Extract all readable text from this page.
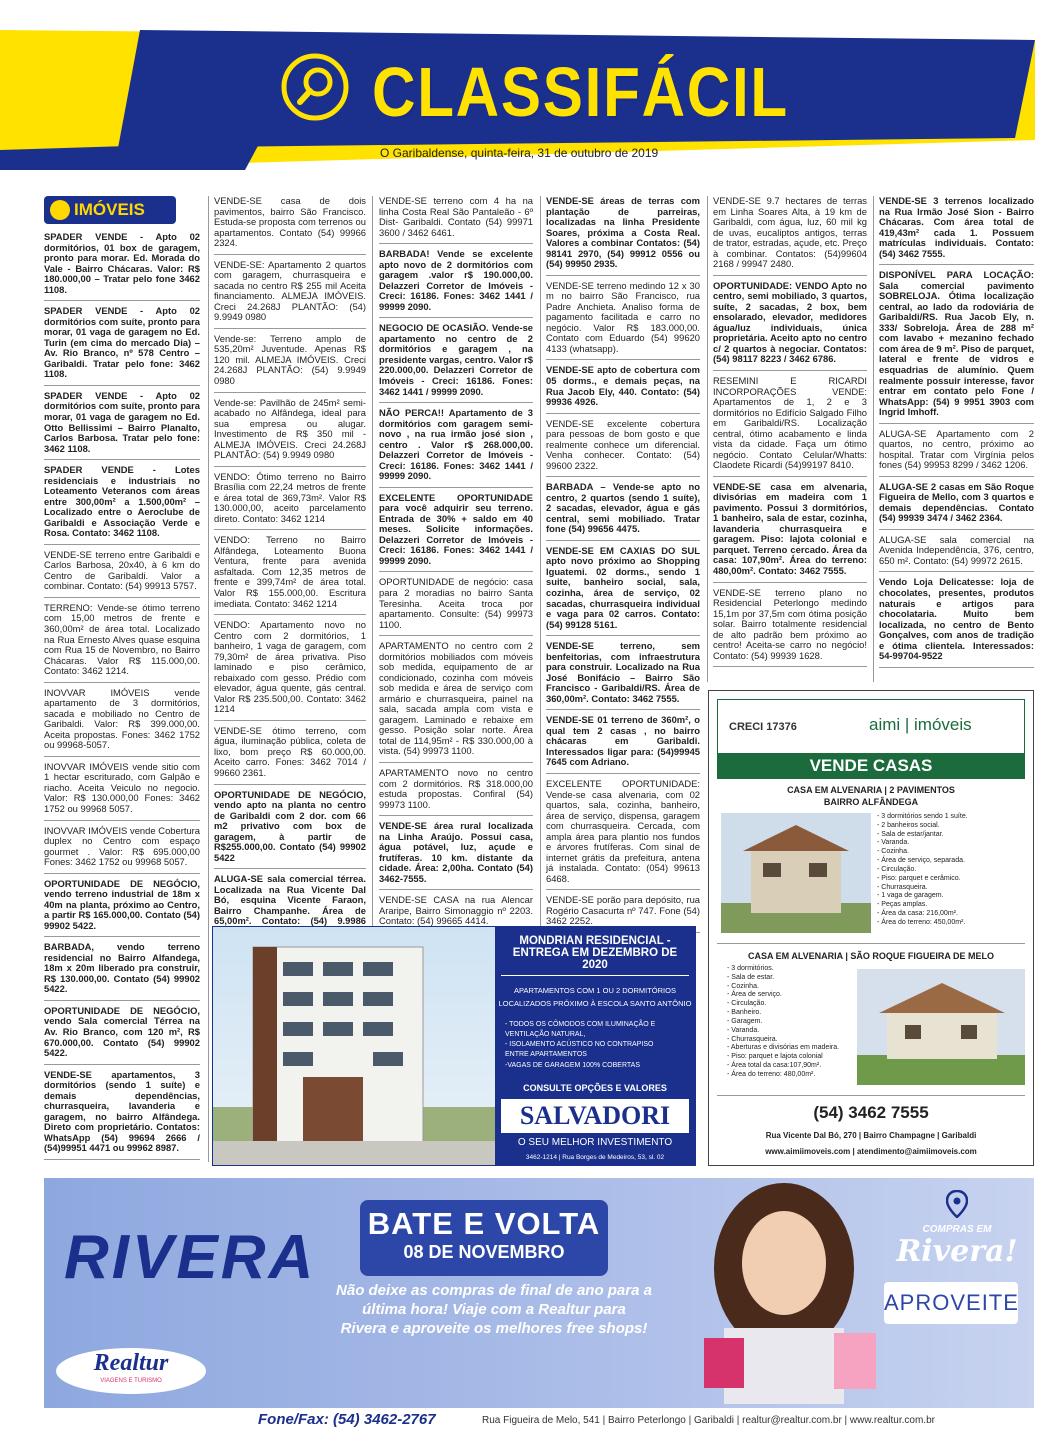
CLASSIFÁCIL
O Garibaldense, quinta-feira, 31 de outubro de 2019
IMÓVEIS
SPADER VENDE - Apto 02 dormitórios, 01 box de garagem, pronto para morar. Ed. Morada do Vale - Bairro Chácaras. Valor: R$ 180.000,00 – Tratar pelo fone 3462 1108.
SPADER VENDE - Apto 02 dormitórios com suíte, pronto para morar, 01 vaga de garagem no Ed. Turin (em cima do mercado Dia) – Av. Rio Branco, nº 578 Centro – Garibaldi. Tratar pelo fone: 3462 1108.
SPADER VENDE - Apto 02 dormitórios com suíte, pronto para morar, 01 vaga de garagem no Ed. Otto Bellissimi – Bairro Planalto, Carlos Barbosa. Tratar pelo fone: 3462 1108.
SPADER VENDE - Lotes residenciais e industriais no Loteamento Veteranos com áreas entre 300,00m² a 1.500,00m² – Localizado entre o Aeroclube de Garibaldi e Associação Verde e Rosa. Contato: 3462 1108.
VENDE-SE terreno entre Garibaldi e Carlos Barbosa, 20x40, à 6 km do Centro de Garibaldi. Valor a combinar. Contato: (54) 99913 5757.
TERRENO: Vende-se ótimo terreno com 15,00 metros de frente e 360,00m² de área total. Localizado na Rua Ernesto Alves quase esquina com Rua 15 de Novembro, no Bairro Chácaras. Valor R$ 115.000,00. Contato: 3462 1214.
INOVVAR IMÓVEIS vende apartamento de 3 dormitórios, sacada e mobiliado no Centro de Garibaldi. Valor: R$ 399.000,00. Aceita propostas. Fones: 3462 1752 ou 99968-5057.
INOVVAR IMÓVEIS vende sitio com 1 hectar escriturado, com Galpão e riacho. Aceita Veiculo no negocio. Valor: R$ 130.000,00 Fones: 3462 1752 ou 99968 5057.
INOVVAR IMÓVEIS vende Cobertura duplex no Centro com espaço gourmet . Valor: R$ 695.000,00 Fones: 3462 1752 ou 99968 5057.
OPORTUNIDADE DE NEGÓCIO, vendo terreno industrial de 18m x 40m na planta, próximo ao Centro, a partir R$ 165.000,00. Contato (54) 99902 5422.
BARBADA, vendo terreno residencial no Bairro Alfandega, 18m x 20m liberado pra construir, R$ 130.000,00. Contato (54) 99902 5422.
OPORTUNIDADE DE NEGÓCIO, vendo Sala comercial Térrea na Av. Rio Branco, com 120 m², R$ 670.000,00. Contato (54) 99902 5422.
VENDE-SE apartamentos, 3 dormitórios (sendo 1 suíte) e demais dependências, churrasqueira, lavanderia e garagem, no bairro Alfândega. Direto com proprietário. Contatos: WhatsApp (54) 99694 2666 / (54)99951 4471 ou 99962 8987.
VENDE-SE casa de dois pavimentos, bairro São Francisco. Estuda-se proposta com terrenos ou apartamentos. Contato (54) 99966 2324.
VENDE-SE: Apartamento 2 quartos com garagem, churrasqueira e sacada no centro R$ 255 mil Aceita financiamento. ALMEJA IMÓVEIS. Creci 24.268J PLANTÃO: (54) 9.9949 0980
Vende-se: Terreno amplo de 535,20m² Juventude. Apenas R$ 120 mil. ALMEJA IMÓVEIS. Creci 24.268J PLANTÃO: (54) 9.9949 0980
Vende-se: Pavilhão de 245m² semi-acabado no Alfândega, ideal para sua empresa ou alugar. Investimento de R$ 350 mil - ALMEJA IMÓVEIS. Creci 24.268J PLANTÃO: (54) 9.9949 0980
VENDO: Ótimo terreno no Bairro Brasília com 22,24 metros de frente e área total de 369,73m². Valor R$ 130.000,00, aceito parcelamento direto. Contato: 3462 1214
VENDO: Terreno no Bairro Alfândega, Loteamento Buona Ventura, frente para avenida asfaltada. Com 12,35 metros de frente e 399,74m² de área total. Valor R$ 155.000,00. Escritura imediata. Contato: 3462 1214
VENDO: Apartamento novo no Centro com 2 dormitórios, 1 banheiro, 1 vaga de garagem, com 79,30m² de área privativa. Piso laminado e piso cerâmico, rebaixado com gesso. Prédio com elevador, água quente, gás central. Valor R$ 235.500,00. Contato: 3462 1214
VENDE-SE ótimo terreno, com água, iluminação pública, coleta de lixo, bom preço R$ 60.000,00. Aceito carro. Fones: 3462 7014 / 99660 2361.
OPORTUNIDADE DE NEGÓCIO, vendo apto na planta no centro de Garibaldi com 2 dor. com 66 m2 privativo com box de garagem, à partir de R$255.000,00. Contato (54) 99902 5422
ALUGA-SE sala comercial térrea. Localizada na Rua Vicente Dal Bó, esquina Vicente Faraon, Bairro Champanhe. Área de 65,00m². Contato: (54) 9.9986
VENDE-SE terreno com 4 ha na linha Costa Real São Pantaleão - 6º Dist- Garibaldi. Contato (54) 99971 3600 / 3462 6461.
BARBADA! Vende se excelente apto novo de 2 dormitórios com garagem .valor r$ 190.000,00. Delazzeri Corretor de Imóveis - Creci: 16186. Fones: 3462 1441 / 99999 2090.
NEGOCIO DE OCASIÃO. Vende-se apartamento no centro de 2 dormitórios e garagem , na presidente vargas, centro. Valor r$ 220.000,00. Delazzeri Corretor de Imóveis - Creci: 16186. Fones: 3462 1441 / 99999 2090.
NÃO PERCA!! Apartamento de 3 dormitórios com garagem semi-novo , na rua irmão josé sion , centro . Valor r$ 268.000,00. Delazzeri Corretor de Imóveis - Creci: 16186. Fones: 3462 1441 / 99999 2090.
EXCELENTE OPORTUNIDADE para você adquirir seu terreno. Entrada de 30% + saldo em 40 meses. Solicite informações. Delazzeri Corretor de Imóveis - Creci: 16186. Fones: 3462 1441 / 99999 2090.
OPORTUNIDADE de negócio: casa para 2 moradias no bairro Santa Teresinha. Aceita troca por apartamento. Consulte: (54) 99973 1100.
APARTAMENTO no centro com 2 dormitórios mobiliados com móveis sob medida, equipamento de ar condicionado, cozinha com móveis sob medida e área de serviço com armário e churrasqueira, painel na sala, sacada ampla com vista e garagem. Laminado e rebaixe em gesso. Posição solar norte. Área total de 114,95m² - R$ 330.000,00 à vista. (54) 99973 1100.
APARTAMENTO novo no centro com 2 dormitórios. R$ 318.000,00 estuda propostas. Confiral (54) 99973 1100.
VENDE-SE área rural localizada na Linha Araújo. Possui casa, água potável, luz, açude e frutíferas. 10 km. distante da cidade. Área: 2,00ha. Contato (54) 3462-7555.
VENDE-SE CASA na rua Alencar Araripe, Bairro Simonaggio nº 2203. Contato: (54) 99665 4414.
VENDE-SE áreas de terras com plantação de parreiras, localizadas na linha Presidente Soares, próxima a Costa Real. Valores a combinar Contatos: (54) 98141 2970, (54) 99912 0556 ou (54) 99950 2935.
VENDE-SE terreno medindo 12 x 30 m no bairro São Francisco, rua Padre Anchieta. Analiso forma de pagamento facilitada e carro no negócio. Valor R$ 183.000,00. Contato com Eduardo (54) 99620 4133 (whatsapp).
VENDE-SE apto de cobertura com 05 dorms., e demais peças, na Rua Jacob Ely, 440. Contato: (54) 99936 4926.
VENDE-SE excelente cobertura para pessoas de bom gosto e que realmente conhece um diferencial. Venha conhecer. Contato: (54) 99600 2322.
BARBADA – Vende-se apto no centro, 2 quartos (sendo 1 suíte), 2 sacadas, elevador, água e gás central, semi mobiliado. Tratar fone (54) 99656 4475.
VENDE-SE EM CAXIAS DO SUL apto novo próximo ao Shopping Iguatemi. 02 dorms., sendo 1 suite, banheiro social, sala, cozinha, área de serviço, 02 sacadas, churrasqueira individual e vaga para 02 carros. Contato: (54) 99128 5161.
VENDE-SE terreno, sem benfeitorias, com infraestrutura para construir. Localizado na Rua José Bonifácio – Bairro São Francisco - Garibaldi/RS. Área de 360,00m². Contato: 3462 7555.
VENDE-SE 01 terreno de 360m², o qual tem 2 casas , no bairro chácaras em Garibaldi. Interessados ligar para: (54)99945 7645 com Adriano.
EXCELENTE OPORTUNIDADE: Vende-se casa alvenaria, com 02 quartos, sala, cozinha, banheiro, área de serviço, dispensa, garagem com churrasqueira. Cercada, com ampla área para plantio nos fundos e árvores frutíferas. Com sinal de internet grátis da prefeitura, antena já instalada. Contato: (054) 99613 6468.
VENDE-SE porão para depósito, rua Rogério Casacurta nº 747. Fone (54) 3462 2252.
VENDE-SE 9.7 hectares de terras em Linha Soares Alta, à 19 km de Garibaldi, com água, luz, 60 mil kg de uvas, eucaliptos antigos, terras de trator, estradas, açude, etc. Preço à combinar. Contatos: (54)99604 2168 / 99947 2480.
OPORTUNIDADE: VENDO Apto no centro, semi mobiliado, 3 quartos, suíte, 2 sacadas, 2 box, bem ensolarado, elevador, medidores água/luz individuais, única proprietária. Aceito apto no centro c/ 2 quartos à negociar. Contatos: (54) 98117 8223 / 3462 6786.
RESEMINI E RICARDI INCORPORAÇÕES VENDE: Apartamentos de 1, 2 e 3 dormitórios no Edifício Salgado Filho em Garibaldi/RS. Localização central, ótimo acabamento e linda vista da cidade. Faça um ótimo negócio. Contato Celular/Whatts: Claodete Ricardi (54)99197 8410.
VENDE-SE casa em alvenaria, divisórias em madeira com 1 pavimento. Possui 3 dormitórios, 1 banheiro, sala de estar, cozinha, lavanderia churrasqueira e garagem. Piso: lajota colonial e parquet. Terreno cercado. Área da casa: 107,90m². Área do terreno: 480,00m². Contato: 3462 7555.
VENDE-SE terreno plano no Residencial Peterlongo medindo 15,1m por 37,5m com ótima posição solar. Bairro totalmente residencial de alto padrão bem próximo ao centro! Aceita-se carro no negócio! Contato: (54) 99939 1628.
VENDE-SE 3 terrenos localizado na Rua Irmão José Sion - Bairro Chácaras. Com área total de 419,43m² cada 1. Possuem matrículas individuais. Contato: (54) 3462 7555.
DISPONÍVEL PARA LOCAÇÃO: Sala comercial pavimento SOBRELOJA. Ótima localização central, ao lado da rodoviária de Garibaldi/RS. Rua Jacob Ely, n. 333/ Sobreloja. Área de 288 m² com lavabo + mezanino fechado com área de 9 m². Piso de parquet, lateral e frente de vidros e esquadrias de alumínio. Quem realmente possuir interesse, favor entrar em contato pelo Fone / WhatsApp: (54) 9 9951 3903 com Ingrid Imhoff.
ALUGA-SE Apartamento com 2 quartos, no centro, próximo ao hospital. Tratar com Virgínia pelos fones (54) 99953 8299 / 3462 1206.
ALUGA-SE 2 casas em São Roque Figueira de Mello, com 3 quartos e demais dependências. Contato (54) 99939 3474 / 3462 2364.
ALUGA-SE sala comercial na Avenida Independência, 376, centro, 650 m². Contato: (54) 99972 2615.
Vendo Loja Delicatesse: loja de chocolates, presentes, produtos naturais e artigos para chocolataria. Muito bem localizada, no centro de Bento Gonçalves, com anos de tradição e ótima clientela. Interessados: 54-99704-9522
MONDRIAN RESIDENCIAL -
ENTREGA EM DEZEMBRO DE 2020
APARTAMENTOS COM 1 OU 2 DORMITÓRIOS
LOCALIZADOS PRÓXIMO À ESCOLA SANTO ANTÔNIO
- TODOS OS CÔMODOS COM ILUMINAÇÃO E
VENTILAÇÃO NATURAL,
- ISOLAMENTO ACÚSTICO NO CONTRAPISO
ENTRE APARTAMENTOS
-VAGAS DE GARAGEM 100% COBERTAS
CONSULTE OPÇÕES E VALORES
SALVADORI
O SEU MELHOR INVESTIMENTO
3462-1214 | Rua Borges de Medeiros, 53, sl. 02
CRECI 17376	aimi | imóveis
VENDE CASAS
CASA EM ALVENARIA | 2 PAVIMENTOS
BAIRRO ALFÂNDEGA
- 3 dormitórios sendo 1 suíte.
- 2 banheiros social.
- Sala de estar/jantar.
- Varanda.
- Cozinha.
- Área de serviço, separada.
- Circulação.
- Piso: parquet e cerâmico.
- Churrasqueira.
- 1 vaga de garagem.
- Peças amplas.
- Área da casa: 216,00m².
- Área do terreno: 450,00m².
CASA EM ALVENARIA | SÃO ROQUE FIGUEIRA DE MELO
- 3 dormitórios.
- Sala de estar.
- Cozinha.
- Área de serviço.
- Circulação.
- Banheiro.
- Garagem.
- Varanda.
- Churrasqueira.
- Aberturas e divisórias em madeira.
- Piso: parquet e lajota colonial
- Área total da casa:107,90m².
- Área do terreno: 480,00m².
(54) 3462 7555
Rua Vicente Dal Bó, 270 | Bairro Champagne | Garibaldi
www.aimiimoveis.com | atendimento@aimiimoveis.com
RIVERA BATE E VOLTA
08 DE NOVEMBRO
Não deixe as compras de final de ano para a
última hora! Viaje com a Realtur para
Rivera e aproveite os melhores free shops!
COMPRAS EM
Rivera!
APROVEITE
Realtur
VIAGENS E TURISMO
Fone/Fax: (54) 3462-2767	Rua Figueira de Melo, 541 | Bairro Peterlongo | Garibaldi | realtur@realtur.com.br | www.realtur.com.br
